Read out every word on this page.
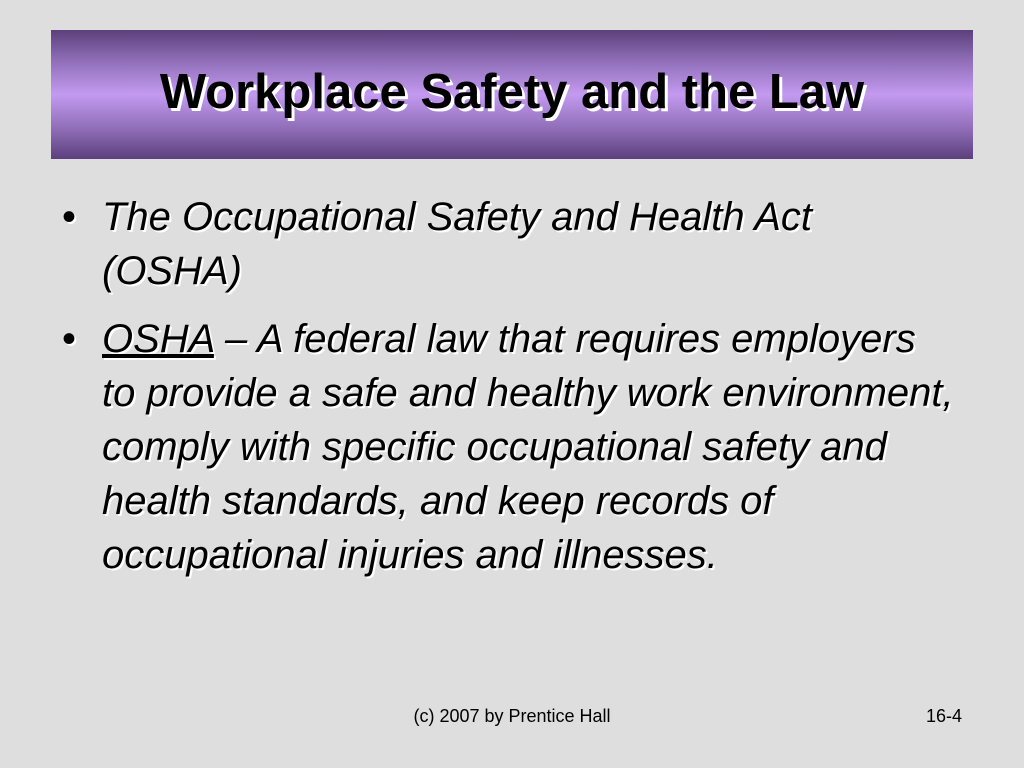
Workplace Safety and the Law
• The Occupational Safety and Health Act (OSHA)
• OSHA – A federal law that requires employers to provide a safe and healthy work environment, comply with specific occupational safety and health standards, and keep records of occupational injuries and illnesses.
(c) 2007 by Prentice Hall	16-4
